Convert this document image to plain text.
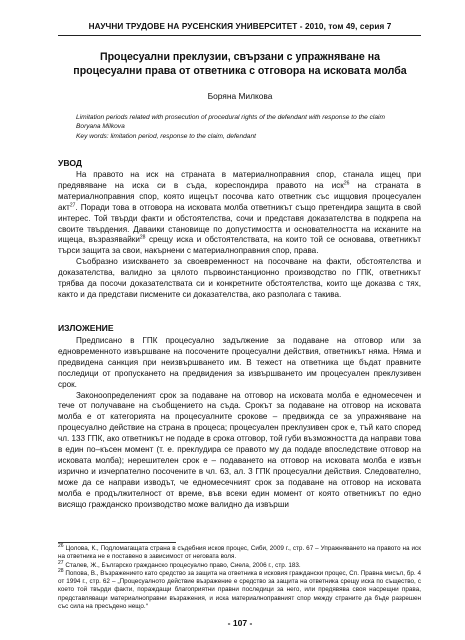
НАУЧНИ ТРУДОВЕ НА РУСЕНСКИЯ УНИВЕРСИТЕТ - 2010, том 49, серия 7
Процесуални преклузии, свързани с упражняване на процесуални права от ответника с отговора на исковата молба
Боряна Милкова
Limitation periods related with prosecution of procedural rights of the defendant with response to the claim
Boryana Milkova
Key words: limitation period, response to the claim, defendant
УВОД

На правото на иск на страната в материалноправния спор, станала ищец при предявяване на иска си в съда, кореспондира правото на иск$^{26}$ на страната в материалноправния спор, която ищецът посочва като ответник със ищцовия процесуален акт$^{27}$. Поради това в отговора на исковата молба ответникът също претендира защита в свой интерес. Той твърди факти и обстоятелства, сочи и представя доказателства в подкрепа на своите твърдения. Даваики становище по допустимостта и основателността на исканите на ищеца, възразявайки$^{28}$ срещу иска и обстоятелствата, на които той се основава, ответникът търси защита за свои, накърнени с материалноправния спор, права.

Съобразно изискването за своевременност на посочване на факти, обстоятелства и доказателства, валидно за цялото първоинстанционно производство по ГПК, ответникът трябва да посочи доказателствата си и конкретните обстоятелства, които ще доказва с тях, както и да представи писмените си доказателства, ако разполага с такива.

ИЗЛОЖЕНИЕ

Предписано в ГПК процесуално задължение за подаване на отговор или за едновременното извършване на посочените процесуални действия, ответникът няма. Няма и предвидена санкция при неизвършването им. В тежест на ответника ще бъдат правните последици от пропускането на предвидения за извършването им процесуален преклузивен срок.

Законоопределеният срок за подаване на отговор на исковата молба е едномесечен и тече от получаване на съобщението на съда. Срокът за подаване на отговор на исковата молба е от категорията на процесуалните срокове – предвижда се за упражняване на процесуално действие на страна в процеса; процесуален преклузивен срок е, тъй като според чл. 133 ГПК, ако ответникът не подаде в срока отговор, той губи възможността да направи това в един по–късен момент (т. е. преклудира се правото му да подаде впоследствие отговор на исковата молба); нерешителен срок е – подаването на отговор на исковата молба е извън изричнo и изчерпателно посочените в чл. 63, ал. 3 ГПК процесуални действия. Следователно, може да се направи изводът, че едномесечният срок за подаване на отговор на исковата молба е продължителност от време, във всеки един момент от която ответникът по едно висящо гражданско производство може валидно да извърши

$^{26}$ Цолова, К., Подломагащата страна в съдебния исков процес, Сиби, 2009 г., стр. 67 – Упражняването на правото на иск на ответника не е поставено в зависимост от неговата воля.
$^{27}$ Сталев, Ж., Българско гражданско процесуално право, Сиела, 2006 г., стр. 183.
$^{28}$ Попова, В., Възражението като средство за защита на ответника в исковия граждански процес, Сп. Правна мисъл, бр. 4 от 1994 г., стр. 62 – „Процесуалното действие възражение е средство за защита на ответника срещу иска по същество, с което той твърди факти, пораждащи благоприятни правни последици за него, или предявява своя насрещни права, представляващи материалноправни възражения, и иска материалноправният спор между страните да бъде разрешен със сила на пресъдено нещо.“
- 107 -
